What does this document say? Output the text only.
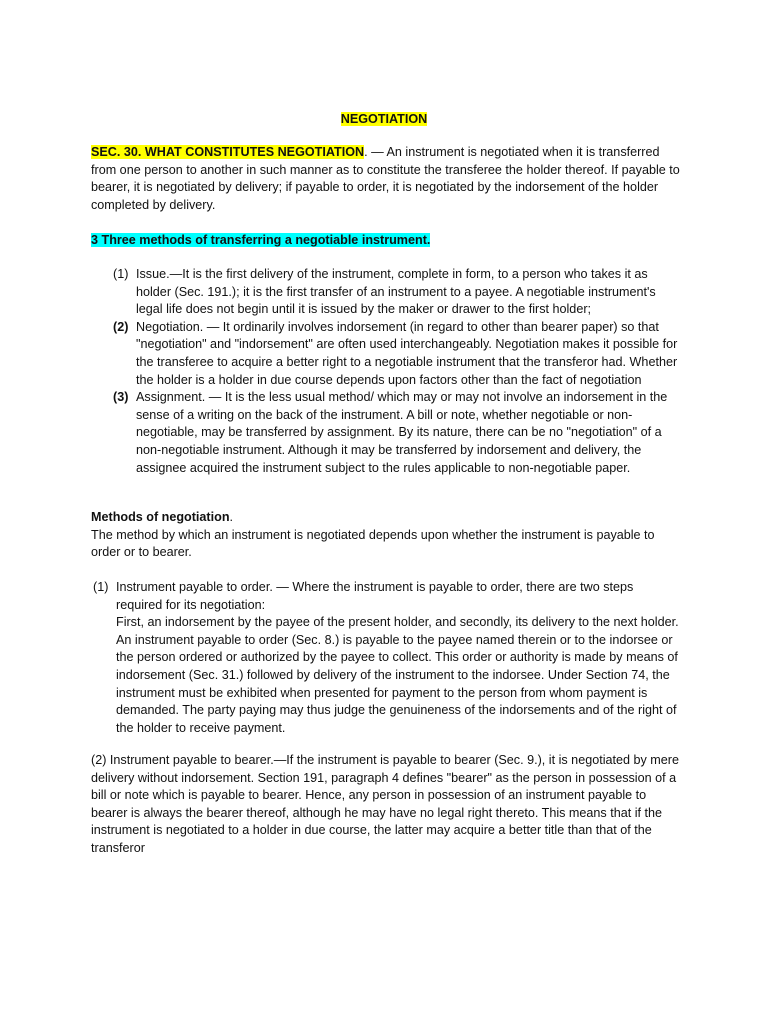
NEGOTIATION
SEC. 30. WHAT CONSTITUTES NEGOTIATION. — An instrument is negotiated when it is transferred from one person to another in such manner as to constitute the transferee the holder thereof. If payable to bearer, it is negotiated by delivery; if payable to order, it is negotiated by the indorsement of the holder completed by delivery.
3 Three methods of transferring a negotiable instrument.
(1) Issue.—It is the first delivery of the instrument, complete in form, to a person who takes it as holder (Sec. 191.); it is the first transfer of an instrument to a payee. A negotiable instrument's legal life does not begin until it is issued by the maker or drawer to the first holder;
(2) Negotiation. — It ordinarily involves indorsement (in regard to other than bearer paper) so that "negotiation" and "indorsement" are often used interchangeably. Negotiation makes it possible for the transferee to acquire a better right to a negotiable instrument that the transferor had. Whether the holder is a holder in due course depends upon factors other than the fact of negotiation
(3) Assignment. — It is the less usual method/ which may or may not involve an indorsement in the sense of a writing on the back of the instrument. A bill or note, whether negotiable or non-negotiable, may be transferred by assignment. By its nature, there can be no "negotiation" of a non-negotiable instrument. Although it may be transferred by indorsement and delivery, the assignee acquired the instrument subject to the rules applicable to non-negotiable paper.
Methods of negotiation.
The method by which an instrument is negotiated depends upon whether the instrument is payable to order or to bearer.
(1) Instrument payable to order. — Where the instrument is payable to order, there are two steps required for its negotiation:
First, an indorsement by the payee of the present holder, and secondly, its delivery to the next holder. An instrument payable to order (Sec. 8.) is payable to the payee named therein or to the indorsee or the person ordered or authorized by the payee to collect. This order or authority is made by means of indorsement (Sec. 31.) followed by delivery of the instrument to the indorsee. Under Section 74, the instrument must be exhibited when presented for payment to the person from whom payment is demanded. The party paying may thus judge the genuineness of the indorsements and of the right of the holder to receive payment.
(2) Instrument payable to bearer.—If the instrument is payable to bearer (Sec. 9.), it is negotiated by mere delivery without indorsement. Section 191, paragraph 4 defines "bearer" as the person in possession of a bill or note which is payable to bearer. Hence, any person in possession of an instrument payable to bearer is always the bearer thereof, although he may have no legal right thereto. This means that if the instrument is negotiated to a holder in due course, the latter may acquire a better title than that of the transferor
